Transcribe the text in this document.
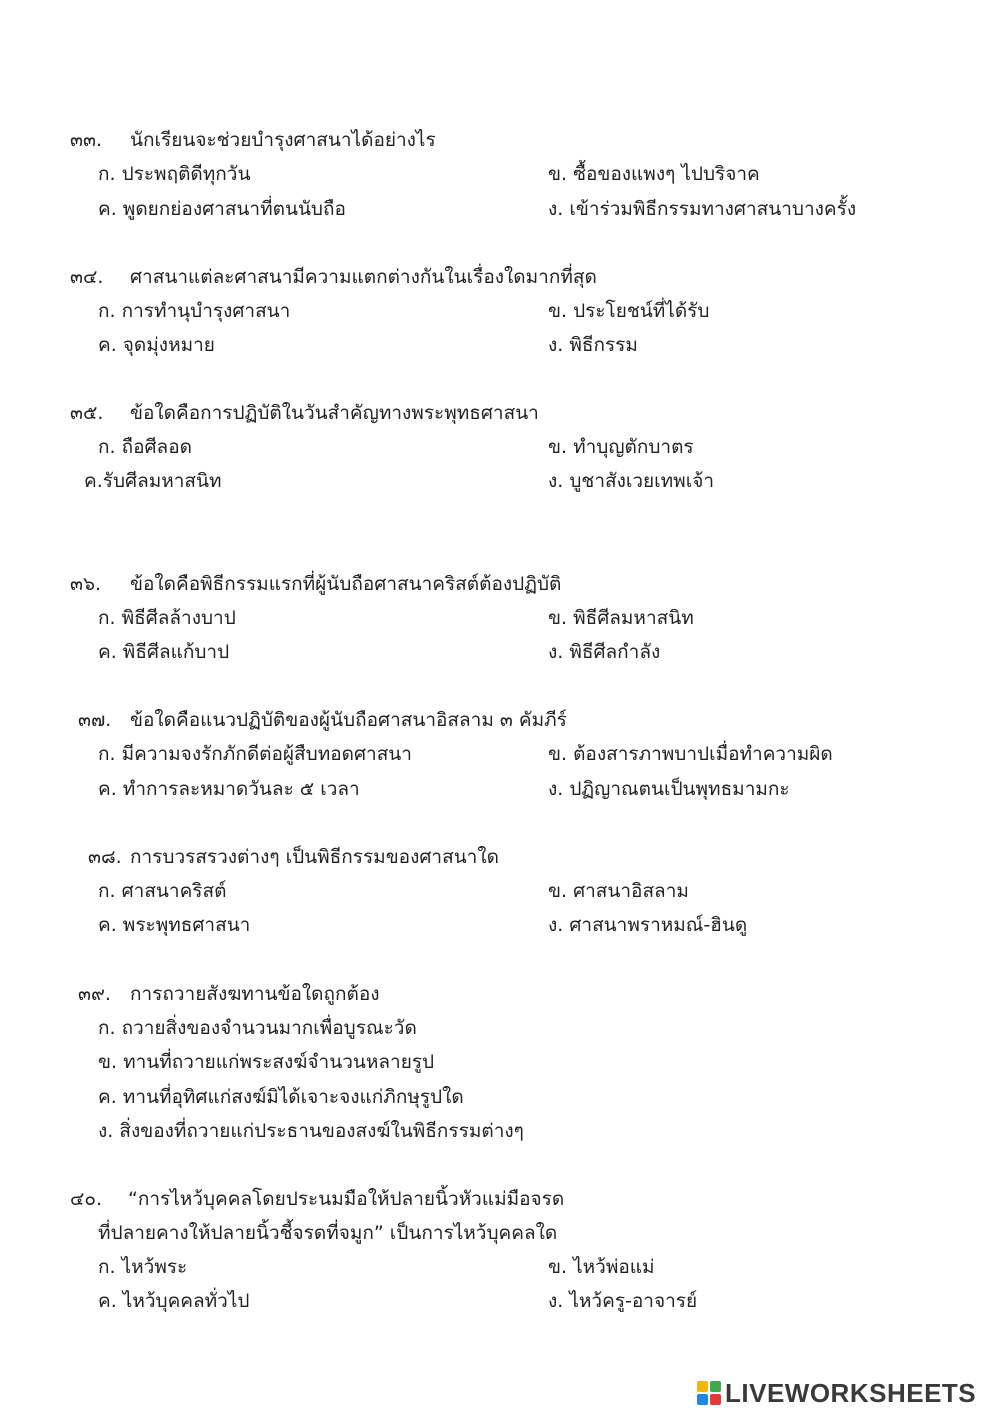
๓๓. นักเรียนจะช่วยบำรุงศาสนาได้อย่างไร
ก. ประพฤติดีทุกวัน	ข. ซื้อของแพงๆ ไปบริจาค
ค. พูดยกย่องศาสนาที่ตนนับถือ	ง. เข้าร่วมพิธีกรรมทางศาสนาบางครั้ง
๓๔. ศาสนาแต่ละศาสนามีความแตกต่างกันในเรื่องใดมากที่สุด
ก. การทำนุบำรุงศาสนา	ข. ประโยชน์ที่ได้รับ
ค. จุดมุ่งหมาย	ง. พิธีกรรม
๓๕. ข้อใดคือการปฏิบัติในวันสำคัญทางพระพุทธศาสนา
ก. ถือศีลอด	ข. ทำบุญตักบาตร
ค.รับศีลมหาสนิท	ง. บูชาสังเวยเทพเจ้า
๓๖. ข้อใดคือพิธีกรรมแรกที่ผู้นับถือศาสนาคริสต์ต้องปฏิบัติ
ก. พิธีศีลล้างบาป	ข. พิธีศีลมหาสนิท
ค. พิธีศีลแก้บาป	ง. พิธีศีลกำลัง
๓๗. ข้อใดคือแนวปฏิบัติของผู้นับถือศาสนาอิสลาม ๓ คัมภีร์
ก. มีความจงรักภักดีต่อผู้สืบทอดศาสนา	ข. ต้องสารภาพบาปเมื่อทำความผิด
ค. ทำการละหมาดวันละ ๕ เวลา	ง. ปฏิญาณตนเป็นพุทธมามกะ
๓๘. การบวรสรวงต่างๆ เป็นพิธีกรรมของศาสนาใด
ก. ศาสนาคริสต์	ข. ศาสนาอิสลาม
ค. พระพุทธศาสนา	ง. ศาสนาพราหมณ์-ฮินดู
๓๙. การถวายสังฆทานข้อใดถูกต้อง
ก. ถวายสิ่งของจำนวนมากเพื่อบูรณะวัด
ข. ทานที่ถวายแก่พระสงฆ์จำนวนหลายรูป
ค. ทานที่อุทิศแก่สงฆ์มิได้เจาะจงแก่ภิกษุรูปใด
ง. สิ่งของที่ถวายแก่ประธานของสงฆ์ในพิธีกรรมต่างๆ
๔๐. “การไหว้บุคคลโดยประนมมือให้ปลายนิ้วหัวแม่มือจรด
ที่ปลายคางให้ปลายนิ้วชี้จรดที่จมูก” เป็นการไหว้บุคคลใด
ก. ไหว้พระ	ข. ไหว้พ่อแม่
ค. ไหว้บุคคลทั่วไป	ง. ไหว้ครู-อาจารย์
LIVEWORKSHEETS
